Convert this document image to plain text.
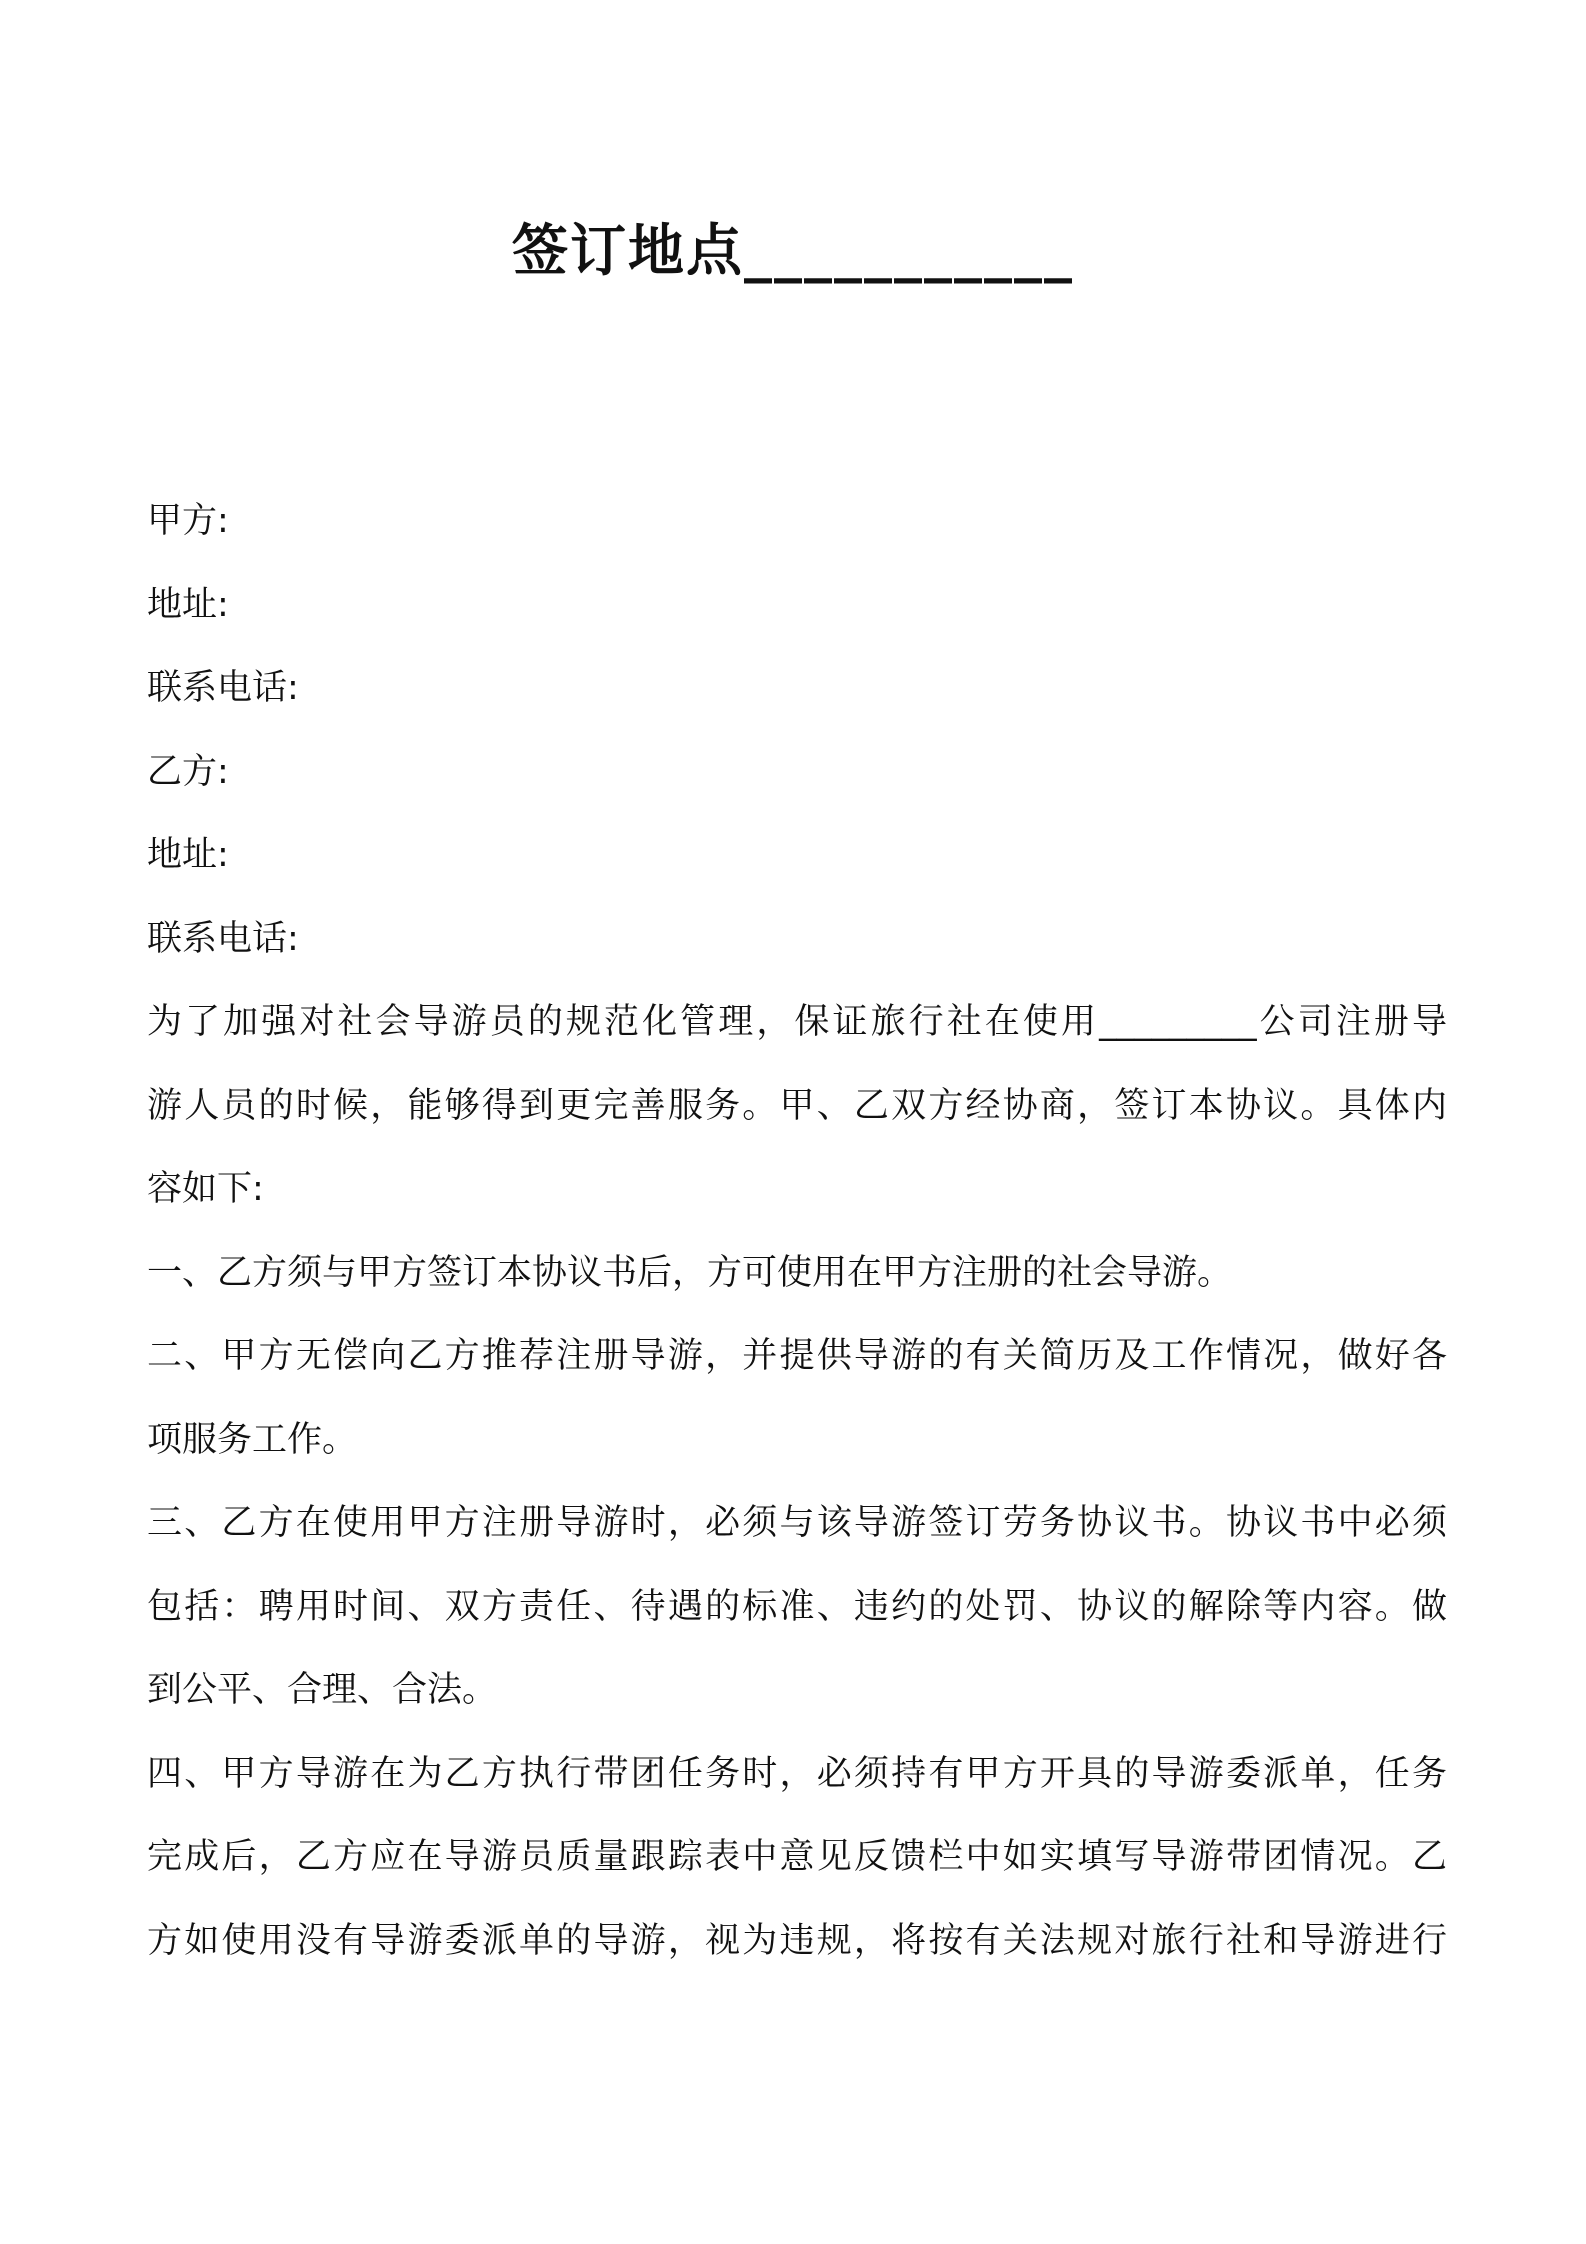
签订地点___________
甲方:
地址:
联系电话:
乙方:
地址:
联系电话:
为了加强对社会导游员的规范化管理，保证旅行社在使用_________公司注册导
游人员的时候，能够得到更完善服务。甲、乙双方经协商，签订本协议。具体内
容如下:
一、乙方须与甲方签订本协议书后，方可使用在甲方注册的社会导游。
二、甲方无偿向乙方推荐注册导游，并提供导游的有关简历及工作情况，做好各
项服务工作。
三、乙方在使用甲方注册导游时，必须与该导游签订劳务协议书。协议书中必须
包括：聘用时间、双方责任、待遇的标准、违约的处罚、协议的解除等内容。做
到公平、合理、合法。
四、甲方导游在为乙方执行带团任务时，必须持有甲方开具的导游委派单，任务
完成后，乙方应在导游员质量跟踪表中意见反馈栏中如实填写导游带团情况。乙
方如使用没有导游委派单的导游，视为违规，将按有关法规对旅行社和导游进行
